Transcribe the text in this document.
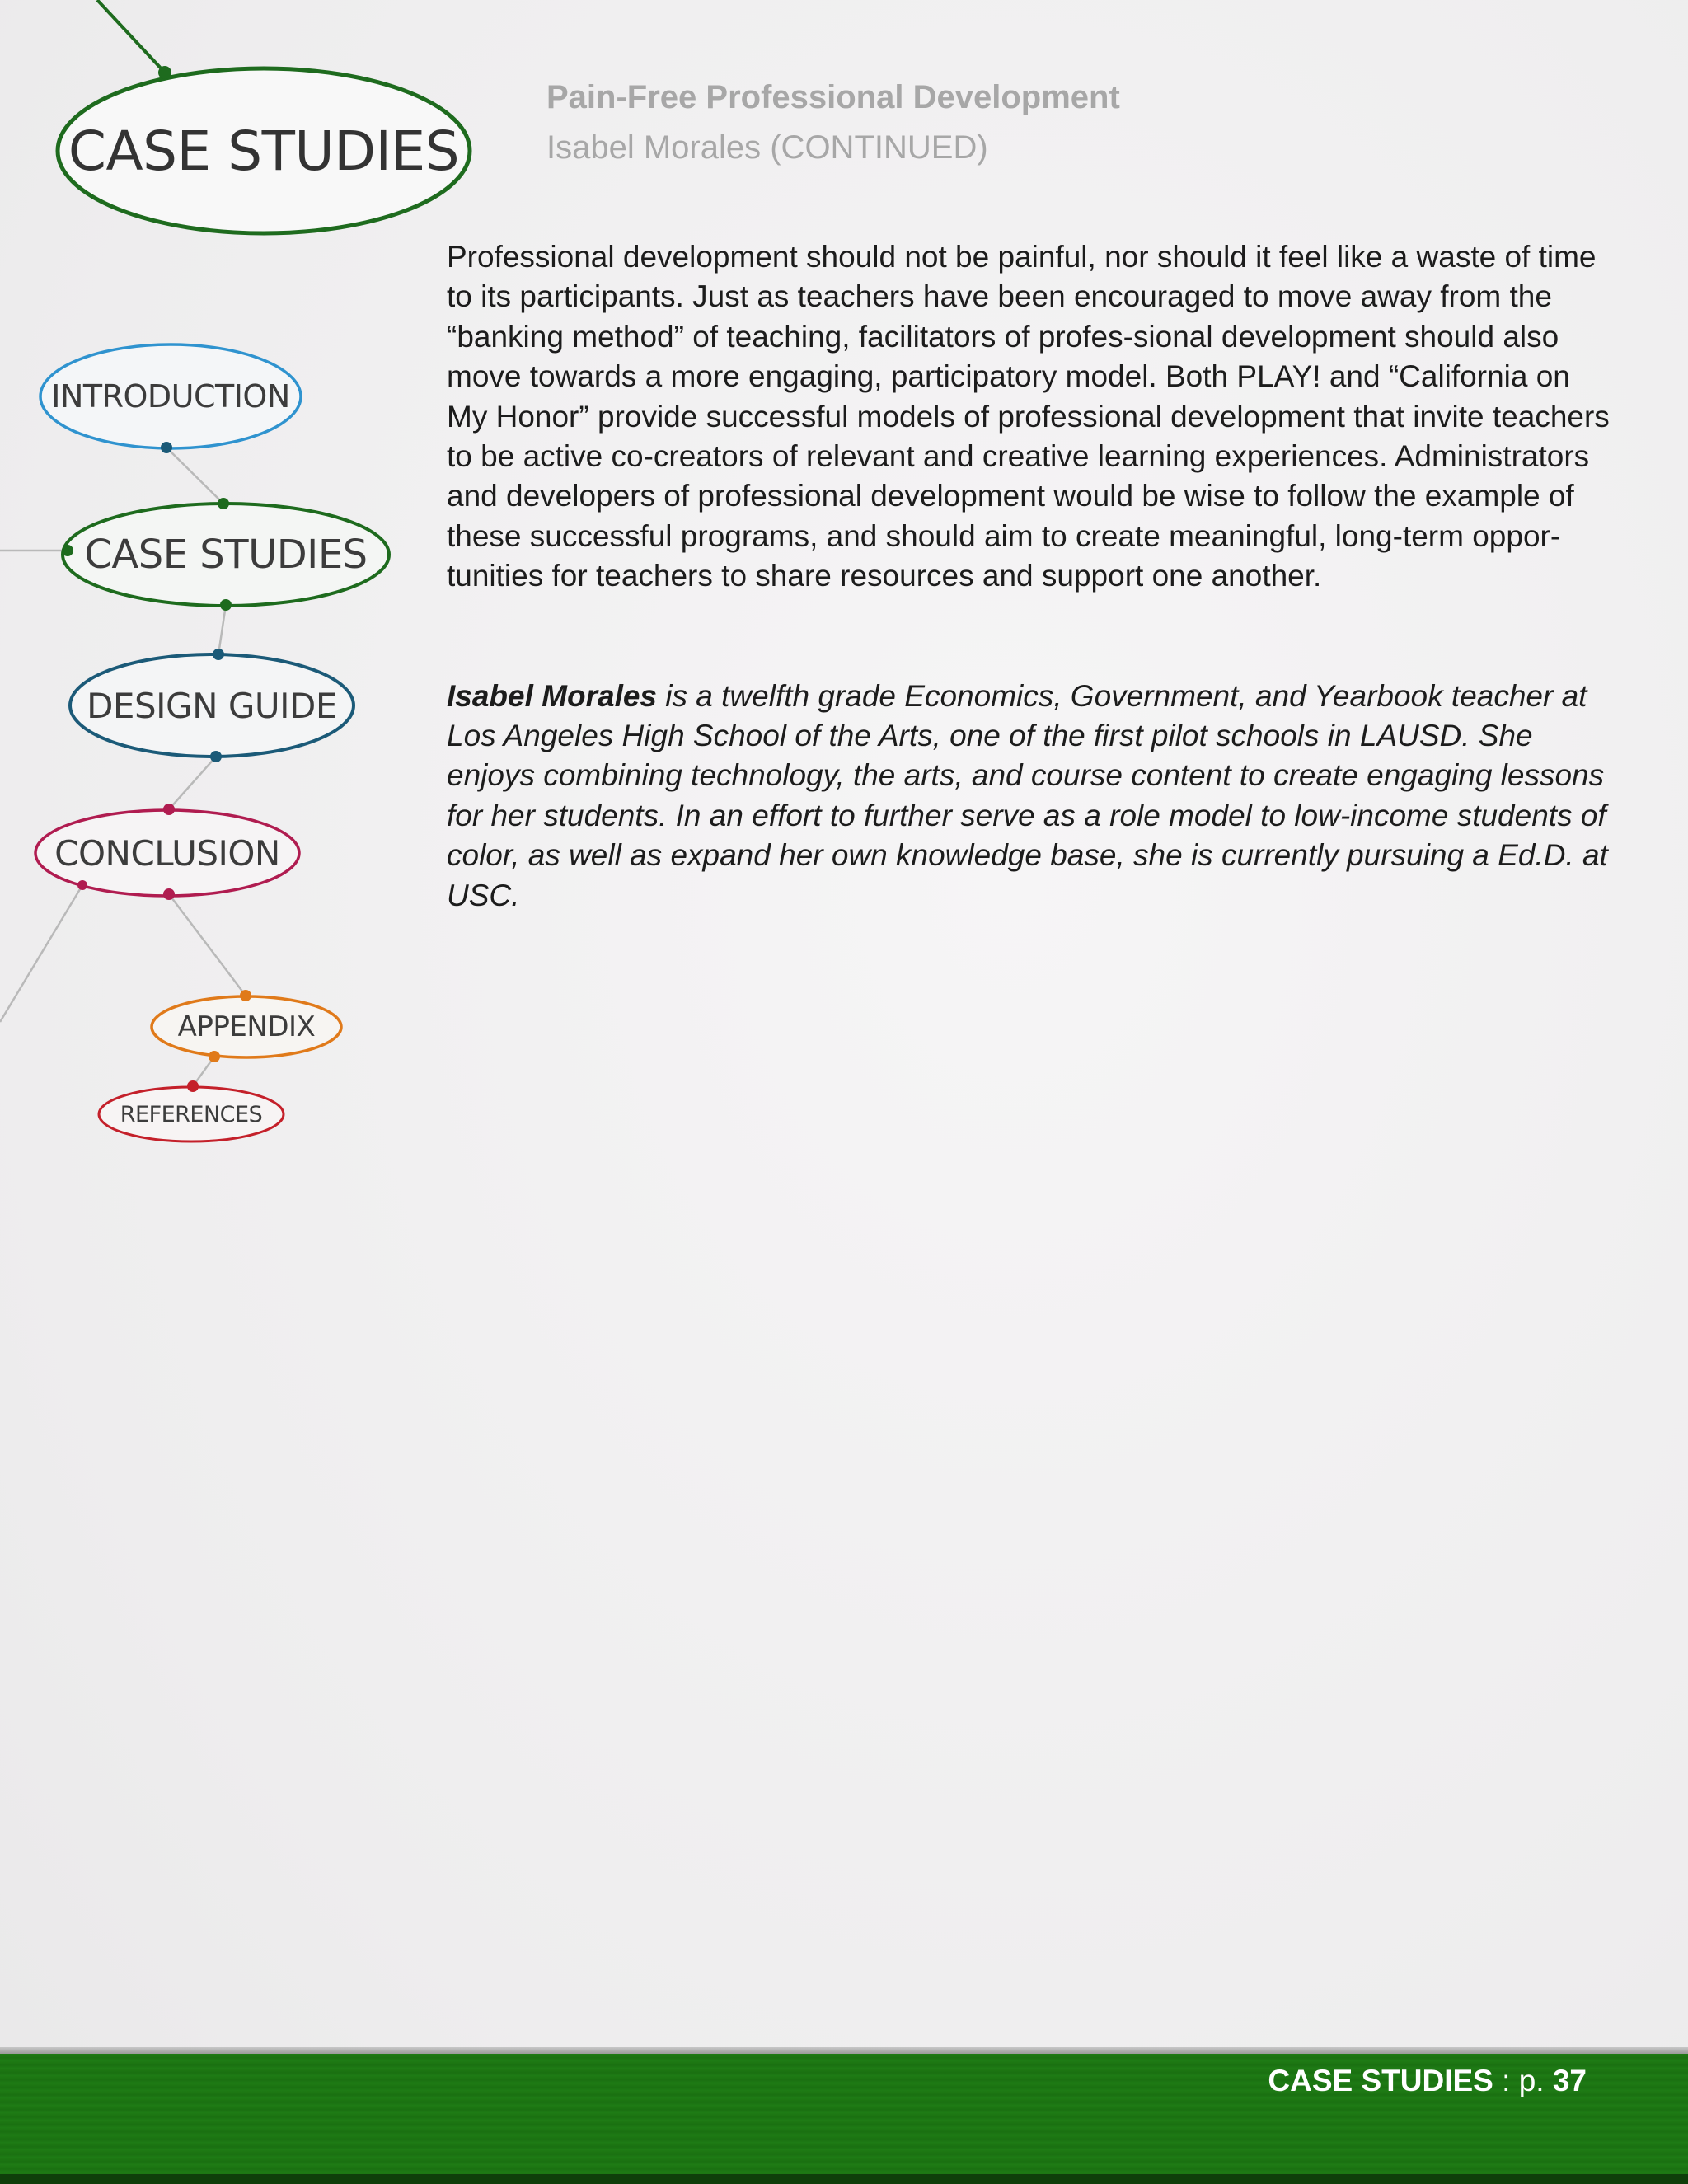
CASE STUDIES
INTRODUCTION
CASE STUDIES
DESIGN GUIDE
CONCLUSION
APPENDIX
REFERENCES
Pain-Free Professional Development
Isabel Morales (CONTINUED)

Professional development should not be painful, nor should it feel like a waste of time to its participants. Just as teachers have been encouraged to move away from the “banking method” of teaching, facilitators of profes-sional development should also move towards a more engaging, participatory model. Both PLAY! and “California on My Honor” provide successful models of professional development that invite teachers to be active co-creators of relevant and creative learning experiences. Administrators and developers of professional development would be wise to follow the example of these successful programs, and should aim to create meaningful, long-term oppor-tunities for teachers to share resources and support one another.

Isabel Morales is a twelfth grade Economics, Government, and Yearbook teacher at Los Angeles High School of the Arts, one of the first pilot schools in LAUSD. She enjoys combining technology, the arts, and course content to create engaging lessons for her students. In an effort to further serve as a role model to low-income students of color, as well as expand her own knowledge base, she is currently pursuing a Ed.D. at USC.

CASE STUDIES : p. 37
